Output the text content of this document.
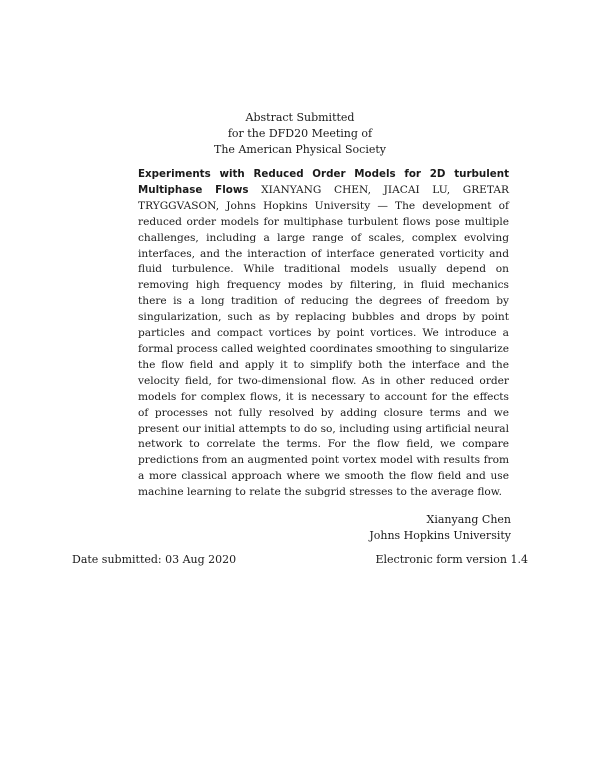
Abstract Submitted
for the DFD20 Meeting of
The American Physical Society
Experiments with Reduced Order Models for 2D turbulent Multiphase Flows XIANYANG CHEN, JIACAI LU, GRETAR TRYGGVASON, Johns Hopkins University — The development of reduced order models for multiphase turbulent flows pose multiple challenges, including a large range of scales, complex evolving interfaces, and the interaction of interface generated vorticity and fluid turbulence. While traditional models usually depend on removing high frequency modes by filtering, in fluid mechanics there is a long tradition of reducing the degrees of freedom by singularization, such as by replacing bubbles and drops by point particles and compact vortices by point vortices. We introduce a formal process called weighted coordinates smoothing to singularize the flow field and apply it to simplify both the interface and the velocity field, for two-dimensional flow. As in other reduced order models for complex flows, it is necessary to account for the effects of processes not fully resolved by adding closure terms and we present our initial attempts to do so, including using artificial neural network to correlate the terms. For the flow field, we compare predictions from an augmented point vortex model with results from a more classical approach where we smooth the flow field and use machine learning to relate the subgrid stresses to the average flow.
Xianyang Chen
Johns Hopkins University
Date submitted: 03 Aug 2020	Electronic form version 1.4
